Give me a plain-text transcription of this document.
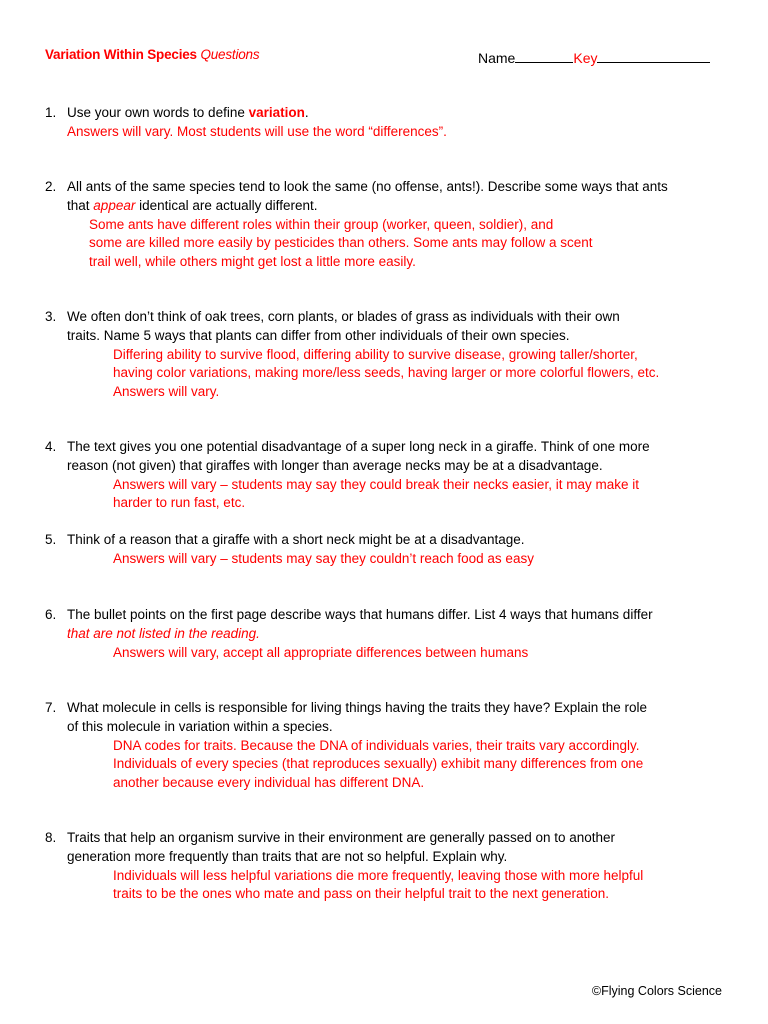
Variation Within Species Questions	Name	Key
1. Use your own words to define variation.
Answers will vary. Most students will use the word “differences”.
2. All ants of the same species tend to look the same (no offense, ants!). Describe some ways that ants
that appear identical are actually different.
Some ants have different roles within their group (worker, queen, soldier), and
some are killed more easily by pesticides than others. Some ants may follow a scent
trail well, while others might get lost a little more easily.
3. We often don’t think of oak trees, corn plants, or blades of grass as individuals with their own
traits. Name 5 ways that plants can differ from other individuals of their own species.
Differing ability to survive flood, differing ability to survive disease, growing taller/shorter,
having color variations, making more/less seeds, having larger or more colorful flowers, etc.
Answers will vary.
4. The text gives you one potential disadvantage of a super long neck in a giraffe. Think of one more
reason (not given) that giraffes with longer than average necks may be at a disadvantage.
Answers will vary – students may say they could break their necks easier, it may make it
harder to run fast, etc.
5. Think of a reason that a giraffe with a short neck might be at a disadvantage.
Answers will vary – students may say they couldn’t reach food as easy
6. The bullet points on the first page describe ways that humans differ. List 4 ways that humans differ
that are not listed in the reading.
Answers will vary, accept all appropriate differences between humans
7. What molecule in cells is responsible for living things having the traits they have? Explain the role
of this molecule in variation within a species.
DNA codes for traits. Because the DNA of individuals varies, their traits vary accordingly.
Individuals of every species (that reproduces sexually) exhibit many differences from one
another because every individual has different DNA.
8. Traits that help an organism survive in their environment are generally passed on to another
generation more frequently than traits that are not so helpful. Explain why.
Individuals will less helpful variations die more frequently, leaving those with more helpful
traits to be the ones who mate and pass on their helpful trait to the next generation.
©Flying Colors Science
